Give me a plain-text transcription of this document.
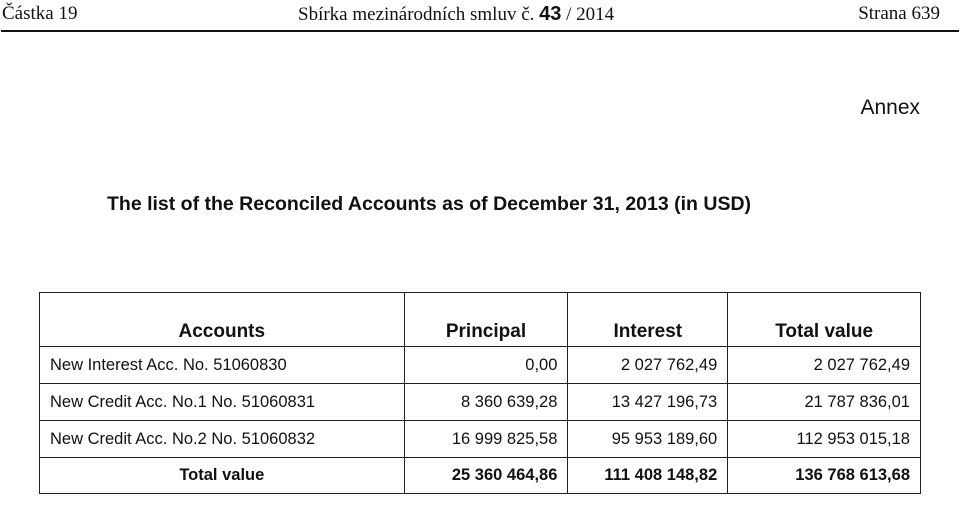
Částka 19	Sbírka mezinárodních smluv č. 43 / 2014	Strana 639
Annex
The list of the Reconciled Accounts as of December 31, 2013 (in USD)
Accounts	Principal	Interest	Total value
New Interest Acc. No. 51060830	0,00	2 027 762,49	2 027 762,49
New Credit Acc. No.1 No. 51060831	8 360 639,28	13 427 196,73	21 787 836,01
New Credit Acc. No.2 No. 51060832	16 999 825,58	95 953 189,60	112 953 015,18
Total value	25 360 464,86	111 408 148,82	136 768 613,68
